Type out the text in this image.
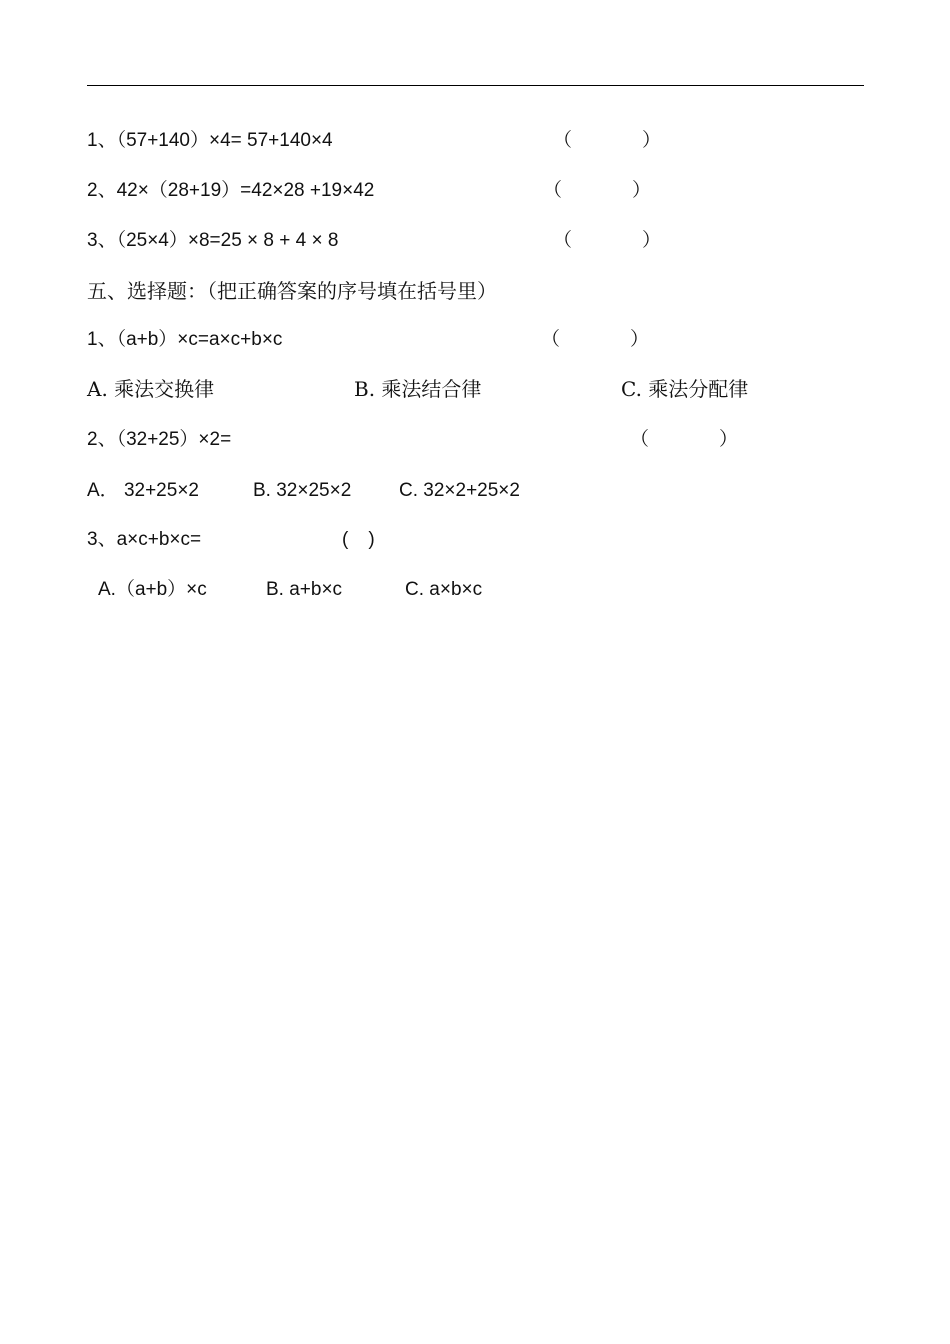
1、（57+140）×4= 57+140×4	（	）
2、42×（28+19）=42×28 +19×42	（	）
3、（25×4）×8=25 × 8 + 4 × 8	（	）
五、选择题：（把正确答案的序号填在括号里）
1、（a+b）×c=a×c+b×c	（	）
A. 乘法交换律	B. 乘法结合律	C. 乘法分配律
2、（32+25）×2=	（	）
A． 32+25×2	B. 32×25×2	C. 32×2+25×2
3、a×c+b×c=	( )
A.（a+b）×c	B. a+b×c	C. a×b×c
